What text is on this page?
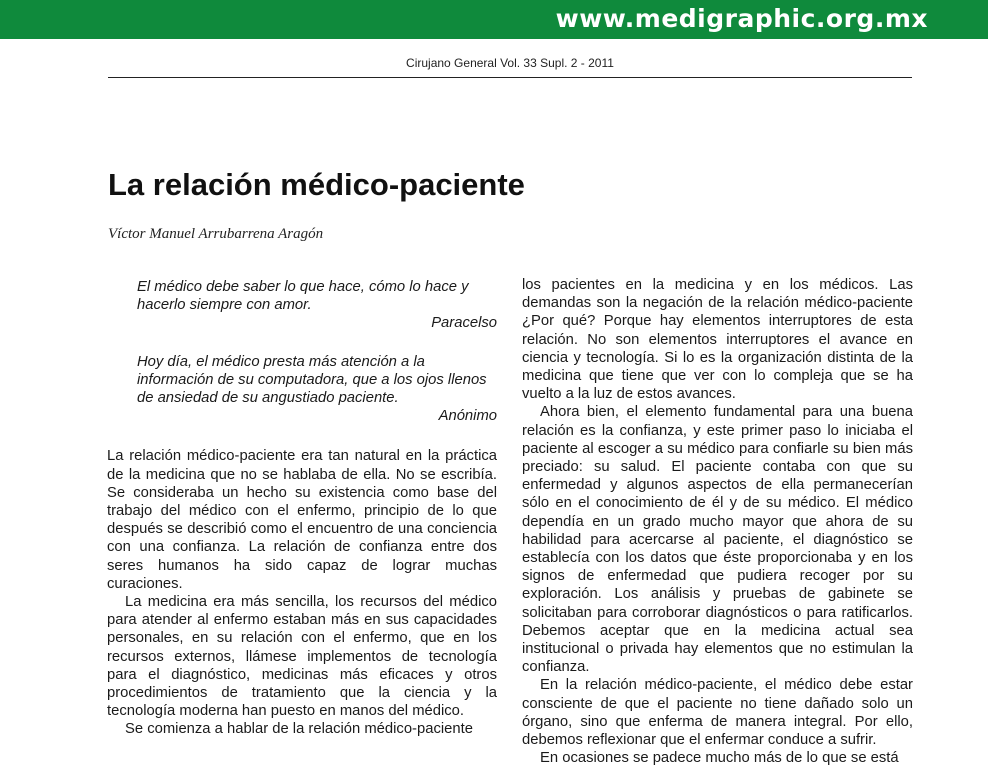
www.medigraphic.org.mx
Cirujano General Vol. 33 Supl. 2 - 2011
La relación médico-paciente
Víctor Manuel Arrubarrena Aragón
El médico debe saber lo que hace, cómo lo hace y hacerlo siempre con amor.
Paracelso
Hoy día, el médico presta más atención a la información de su computadora, que a los ojos llenos de ansiedad de su angustiado paciente.
Anónimo

La relación médico-paciente era tan natural en la práctica de la medicina que no se hablaba de ella. No se escribía. Se consideraba un hecho su existencia como base del trabajo del médico con el enfermo, principio de lo que después se describió como el encuentro de una conciencia con una confianza. La relación de confianza entre dos seres humanos ha sido capaz de lograr muchas curaciones.

La medicina era más sencilla, los recursos del médico para atender al enfermo estaban más en sus capacidades personales, en su relación con el enfermo, que en los recursos externos, llámese implementos de tecnología para el diagnóstico, medicinas más eficaces y otros procedimientos de tratamiento que la ciencia y la tecnología moderna han puesto en manos del médico.

Se comienza a hablar de la relación médico-paciente

los pacientes en la medicina y en los médicos. Las demandas son la negación de la relación médico-paciente ¿Por qué? Porque hay elementos interruptores de esta relación. No son elementos interruptores el avance en ciencia y tecnología. Si lo es la organización distinta de la medicina que tiene que ver con lo compleja que se ha vuelto a la luz de estos avances.

Ahora bien, el elemento fundamental para una buena relación es la confianza, y este primer paso lo iniciaba el paciente al escoger a su médico para confiarle su bien más preciado: su salud. El paciente contaba con que su enfermedad y algunos aspectos de ella permanecerían sólo en el conocimiento de él y de su médico. El médico dependía en un grado mucho mayor que ahora de su habilidad para acercarse al paciente, el diagnóstico se establecía con los datos que éste proporcionaba y en los signos de enfermedad que pudiera recoger por su exploración. Los análisis y pruebas de gabinete se solicitaban para corroborar diagnósticos o para ratificarlos. Debemos aceptar que en la medicina actual sea institucional o privada hay elementos que no estimulan la confianza.

En la relación médico-paciente, el médico debe estar consciente de que el paciente no tiene dañado solo un órgano, sino que enferma de manera integral. Por ello, debemos reflexionar que el enfermar conduce a sufrir.

En ocasiones se padece mucho más de lo que se está
